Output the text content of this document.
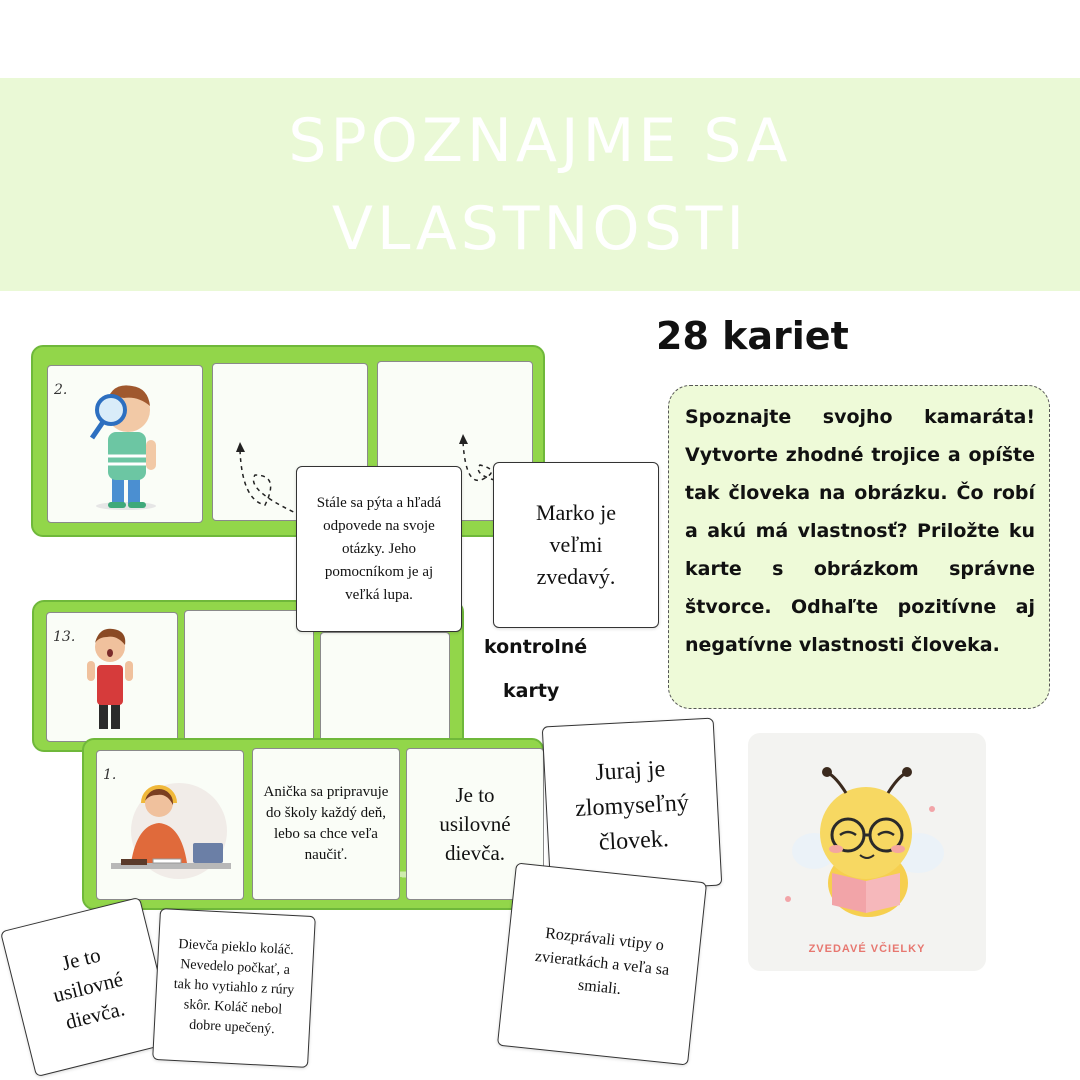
SPOZNAJME SA
VLASTNOSTI
28 kariet

Spoznajte svojho kamaráta! Vytvorte zhodné trojice a opíšte tak človeka na obrázku. Čo robí a akú má vlastnosť? Priložte ku karte s obrázkom správne štvorce. Odhaľte pozitívne aj negatívne vlastnosti človeka.

kontrolné
karty
2.
13.
1.
Anička sa pripravuje do školy každý deň, lebo sa chce veľa naučiť.
Je to usilovné dievča.
Stále sa pýta a hľadá odpovede na svoje otázky. Jeho pomocníkom je aj veľká lupa.
Marko je veľmi zvedavý.
Juraj je zlomyseľný človek.
Rozprávali vtipy o zvieratkách a veľa sa smiali.
Je to usilovné dievča.
Dievča pieklo koláč. Nevedelo počkať, a tak ho vytiahlo z rúry skôr. Koláč nebol dobre upečený.
ZVEDAVÉ VČIELKY
